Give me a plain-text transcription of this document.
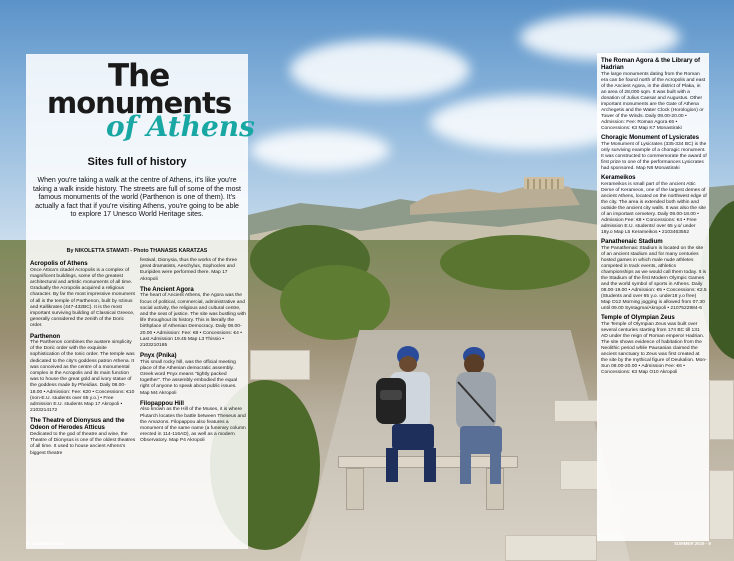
The
monuments
of Athens
Sites full of history
When you're taking a walk at the centre of Athens, it's like you're taking a walk inside history. The streets are full of some of the most famous monuments of the world (Parthenon is one of them). It's actually a fact that if you're visiting Athens, you're going to be able to explore 17 Unesco World Heritage sites.
By NIKOLETTA STAMATI - Photo THANASIS KARATZAS
Acropolis of Athens

Once Attica's citadel Acropolis is a complex of magnificent buildings, some of the greatest architectural and artistic monuments of all time. Gradually the Acropolis acquired a religious character. By far the most impressive monument of all is the temple of Parthenon, built by Ictinus and Kallikrates (447-432BC). It is the most important surviving building of Classical Greece, generally considered the zenith of the Doric order.

Parthenon

The Parthenon combines the austere simplicity of the Doric order with the exquisite sophistication of the Ionic order. The temple was dedicated to the city's goddess patron Athena. It was conceived as the centre of a monumental complex in the Acropolis and its main function was to house the great gold and ivory statue of the goddess made by Pheidias. Daily 08.00-18.00 • Admission: Fee: €20 • Concessions: €10 (non-E.U. students over 65 y.o.) • Free admission E.U. students Map 17 Akropoli • 2103214172

The Theatre of Dionysus and the Odeon of Herodes Atticus

Dedicated to the god of theatre and wine, the Theatre of Dionysus is one of the oldest theatres of all time. It used to house ancient Athens's biggest theatre

festival, Dionysia, thus the works of the three great dramatists, Aeschylus, Sophocles and Euripides were performed there. Map 17 Akropoli

The Ancient Agora

The heart of Ancient Athens, the Agora was the focus of political, commercial, administrative and social activity, the religious and cultural centre, and the seat of justice. The site was bustling with life throughout its history. This is literally the birthplace of Athenian Democracy. Daily 08.00-20.00 • Admission: Fee: €8 • Concessions: €4 • Last Admission 19.45 Map L3 Thissio • 2103210185

Pnyx (Pnika)

This small rocky hill, was the official meeting place of the Athenian democratic assembly. Greek word Pnyx means "tightly packed together". The assembly embodied the equal right of anyone to speak about public issues. Map M4 Akropoli

Filopappou Hill

Also known as the Hill of the Muses, it is where Plutarch locates the battle between Theseus and the Amazons. Filopappou also features a monument of the same name (a funerary column erected in 114-116AD), as well as a modern Observatory. Map P4 Akropoli

The Roman Agora & the Library of Hadrian

The large monuments dating from the Roman era can be found north of the Acropolis and east of the Ancient Agora, in the district of Plaka, in an area of 28,000 sqm. It was built with a donation of Julius Caesar and Augustus. Other important monuments are the Gate of Athena Archegetis and the Water Clock (Horologion) or Tower of the Winds. Daily 08.00-20.00 • Admission: Fee: Roman Agora €6 • Concessions: €3 Map K7 Monastiraki

Choragic Monument of Lysicrates

The Monument of Lysicrates (335-334 BC) is the only surviving example of a choragic monument. It was constructed to commemorate the award of first prize to one of the performances Lysicrates had sponsored. Map N8 Monastiraki

Kerameikos

Kerameikos is small part of the ancient Attic Deme of Kerameon, one of the largest demes of ancient Athens, located on the northwest edge of the city. The area is extended both within and outside the ancient city walls. It was also the site of an important cemetery. Daily 08.00-18.00 • Admission Fee: €8 • Concessions: €4 • Free admission E.U. students/ over 65 y.o/ under 18y.o Map L5 Kerameikos • 2103463552

Panathenaic Stadium

The Panathenaic Stadium is located on the site of an ancient stadium and for many centuries hosted games in which male nude athletes competed in track events, athletics championships as we would call them today. It is the Stadium of the first Modern Olympic Games and the world symbol of sports in Athens. Daily 08.00-19.00 • Admission: €5 • Concessions: €2.5 (Students and over 65 y.o. under18 y.o free) Map O12 Morning jogging is allowed from 07.30 until 09.00 Syntagma/Akropoli • 2107522984-6

Temple of Olympian Zeus

The Temple of Olympian Zeus was built over several centuries starting from 174 BC till 131 AD under the reign of Roman emperor Hadrian. The site shows evidence of habitation from the Neolithic period while Pausanias claimed the ancient sanctuary to Zeus was first created at the site by the mythical figure of Deukalion. Mon-Sun 08.00-20.00 • Admission Fee: €6 • Concessions: €3 Map O10 Akropoli

8 · SUMMER 2019	SUMMER 2019 · 9
